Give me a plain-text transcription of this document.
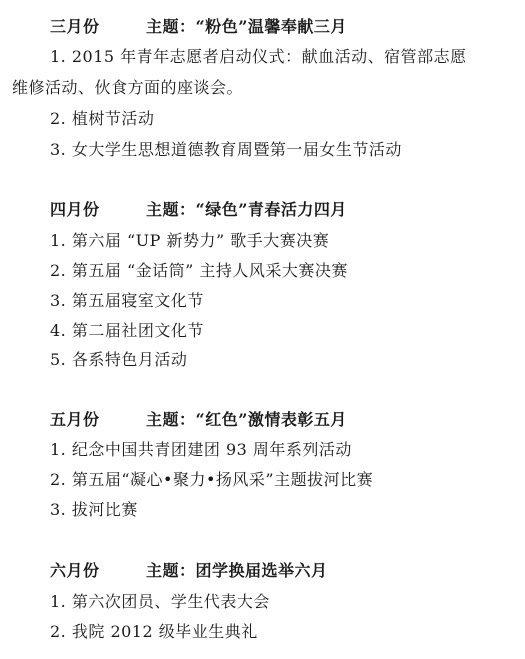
三月份	主题：“粉色”温馨奉献三月
1. 2015 年青年志愿者启动仪式：献血活动、宿管部志愿
维修活动、伙食方面的座谈会。
2. 植树节活动
3. 女大学生思想道德教育周暨第一届女生节活动
四月份	主题：“绿色”青春活力四月
1. 第六届 “UP 新势力” 歌手大赛决赛
2. 第五届 “金话筒” 主持人风采大赛决赛
3. 第五届寝室文化节
4. 第二届社团文化节
5. 各系特色月活动
五月份	主题：“红色”激情表彰五月
1. 纪念中国共青团建团 93 周年系列活动
2. 第五届“凝心•聚力•扬风采”主题拔河比赛
3. 拔河比赛
六月份	主题：团学换届选举六月
1. 第六次团员、学生代表大会
2. 我院 2012 级毕业生典礼
